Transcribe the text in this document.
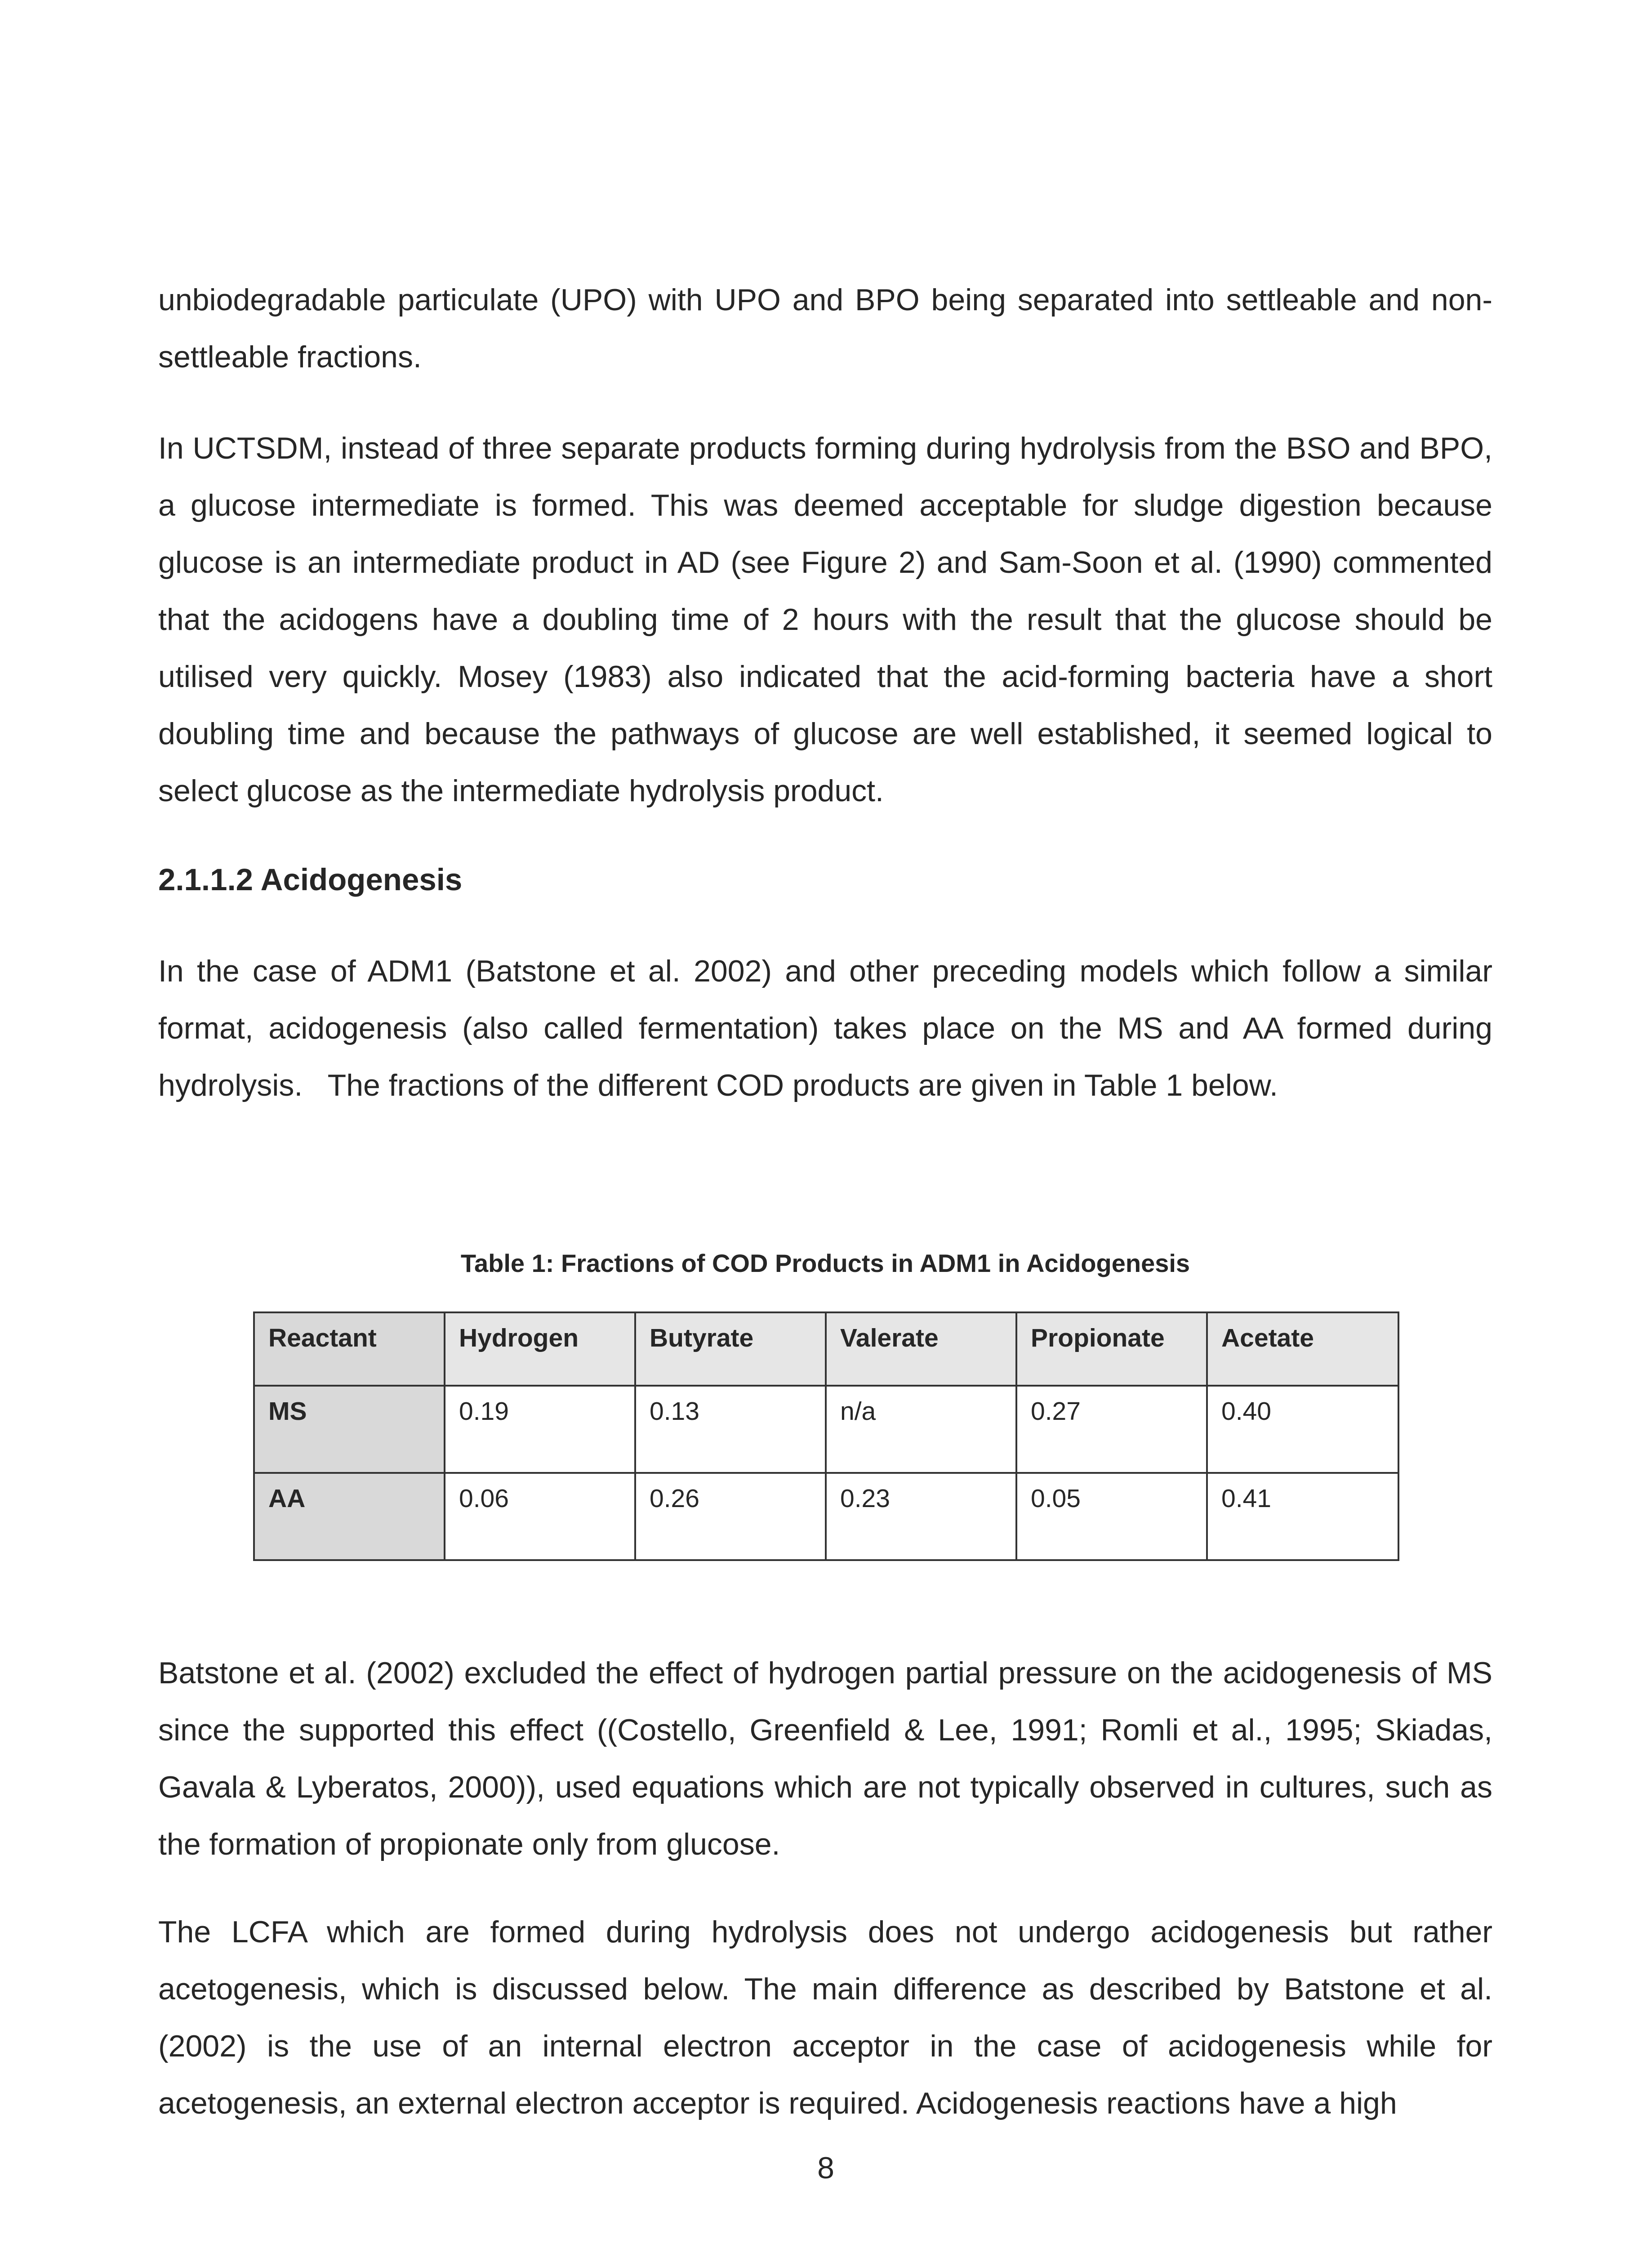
unbiodegradable particulate (UPO) with UPO and BPO being separated into settleable and non-settleable fractions.

In UCTSDM, instead of three separate products forming during hydrolysis from the BSO and BPO, a glucose intermediate is formed. This was deemed acceptable for sludge digestion because glucose is an intermediate product in AD (see Figure 2) and Sam-Soon et al. (1990) commented that the acidogens have a doubling time of 2 hours with the result that the glucose should be utilised very quickly. Mosey (1983) also indicated that the acid-forming bacteria have a short doubling time and because the pathways of glucose are well established, it seemed logical to select glucose as the intermediate hydrolysis product.

2.1.1.2 Acidogenesis

In the case of ADM1 (Batstone et al. 2002) and other preceding models which follow a similar format, acidogenesis (also called fermentation) takes place on the MS and AA formed during hydrolysis.   The fractions of the different COD products are given in Table 1 below.

Table 1: Fractions of COD Products in ADM1 in Acidogenesis

Reactant	Hydrogen	Butyrate	Valerate	Propionate	Acetate
MS	0.19	0.13	n/a	0.27	0.40
AA	0.06	0.26	0.23	0.05	0.41

Batstone et al. (2002) excluded the effect of hydrogen partial pressure on the acidogenesis of MS since the supported this effect ((Costello, Greenfield & Lee, 1991; Romli et al., 1995; Skiadas, Gavala & Lyberatos, 2000)), used equations which are not typically observed in cultures, such as the formation of propionate only from glucose.

The LCFA which are formed during hydrolysis does not undergo acidogenesis but rather acetogenesis, which is discussed below. The main difference as described by Batstone et al. (2002) is the use of an internal electron acceptor in the case of acidogenesis while for acetogenesis, an external electron acceptor is required. Acidogenesis reactions have a high

8
